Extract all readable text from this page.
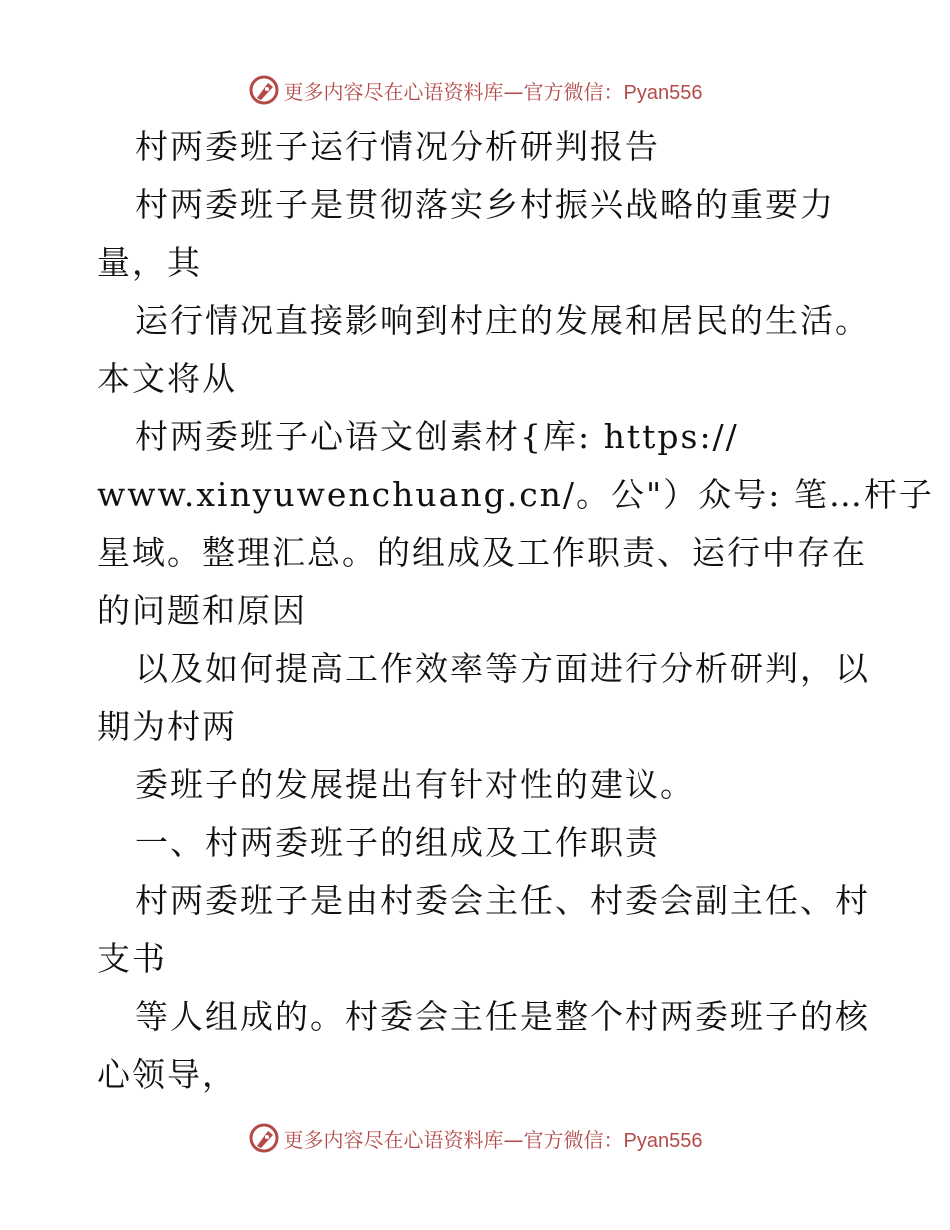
更多内容尽在心语资料库—官方微信：Pyan556
村两委班子运行情况分析研判报告
村两委班子是贯彻落实乡村振兴战略的重要力
量，其
运行情况直接影响到村庄的发展和居民的生活。
本文将从
村两委班子心语文创素材{库: https://
www.xinyuwenchuang.cn/。公"）众号: 笔…杆子
星域。整理汇总。的组成及工作职责、运行中存在
的问题和原因
以及如何提高工作效率等方面进行分析研判，以
期为村两
委班子的发展提出有针对性的建议。
一、村两委班子的组成及工作职责
村两委班子是由村委会主任、村委会副主任、村
支书
等人组成的。村委会主任是整个村两委班子的核
心领导，
更多内容尽在心语资料库—官方微信：Pyan556
